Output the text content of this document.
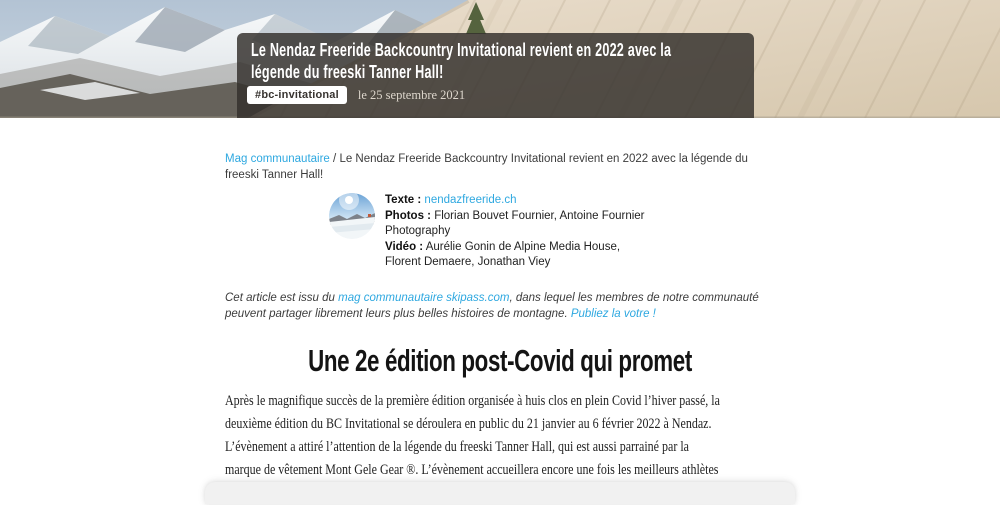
Le Nendaz Freeride Backcountry Invitational revient en 2022 avec la
légende du freeski Tanner Hall!
#bc-invitational	le 25 septembre 2021

Mag communautaire / Le Nendaz Freeride Backcountry Invitational revient en 2022 avec la légende du freeski Tanner Hall!

Texte : nendazfreeride.ch
Photos : Florian Bouvet Fournier, Antoine Fournier Photography
Vidéo : Aurélie Gonin de Alpine Media House, Florent Demaere, Jonathan Viey

Cet article est issu du mag communautaire skipass.com, dans lequel les membres de notre communauté peuvent partager librement leurs plus belles histoires de montagne. Publiez la votre !

Une 2e édition post-Covid qui promet
Après le magnifique succès de la première édition organisée à huis clos en plein Covid l’hiver passé, la
deuxième édition du BC Invitational se déroulera en public du 21 janvier au 6 février 2022 à Nendaz.
L’évènement a attiré l’attention de la légende du freeski Tanner Hall, qui est aussi parrainé par la
marque de vêtement Mont Gele Gear ®. L’évènement accueillera encore une fois les meilleurs athlètes
